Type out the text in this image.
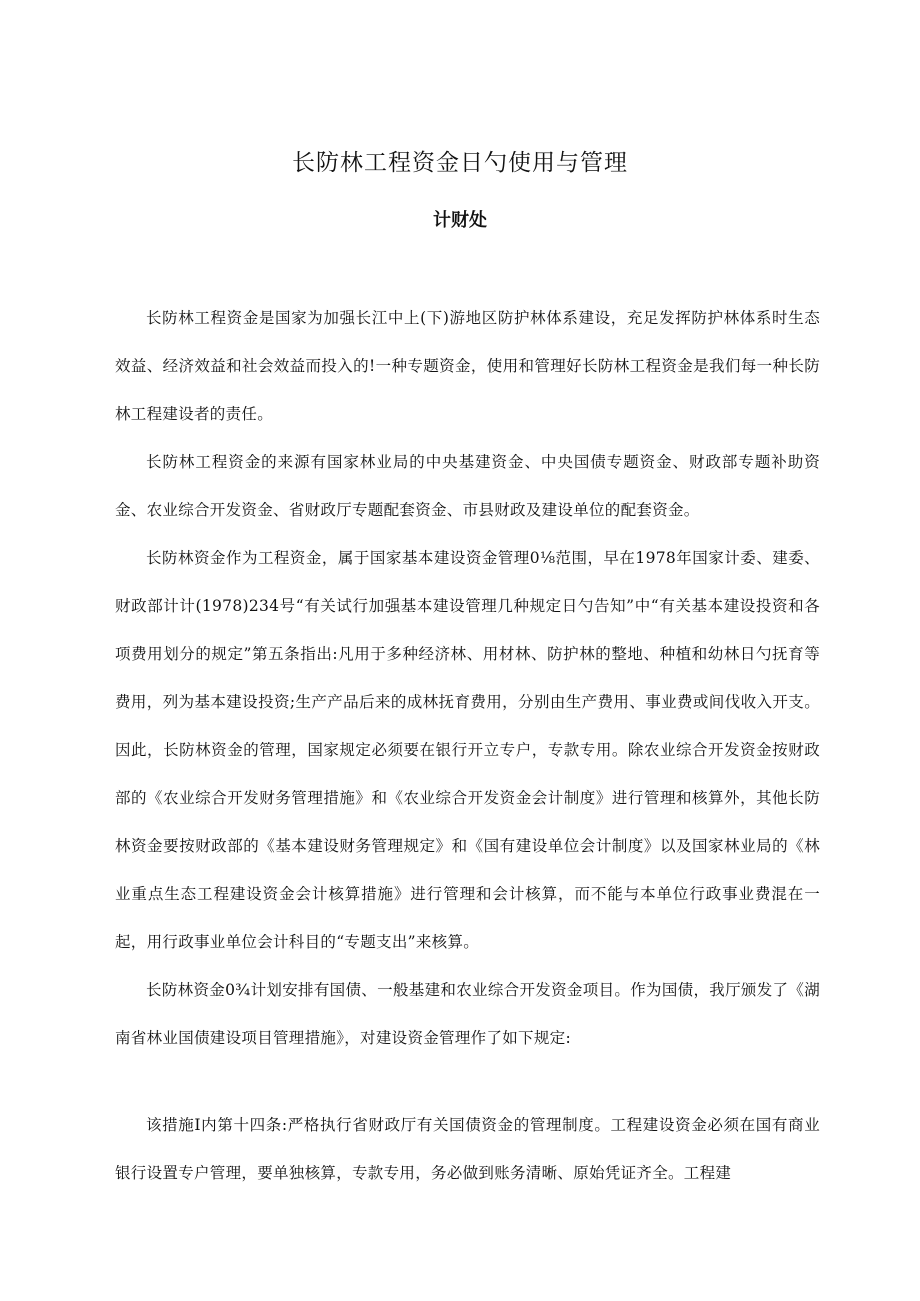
长防林工程资金日勺使用与管理
计财处

长防林工程资金是国家为加强长江中上(下)游地区防护林体系建设，充足发挥防护林体系时生态效益、经济效益和社会效益而投入的!一种专题资金，使用和管理好长防林工程资金是我们每一种长防林工程建设者的责任。

长防林工程资金的来源有国家林业局的中央基建资金、中央国债专题资金、财政部专题补助资金、农业综合开发资金、省财政厅专题配套资金、市县财政及建设单位的配套资金。

长防林资金作为工程资金，属于国家基本建设资金管理0⅛范围，早在1978年国家计委、建委、财政部计计(1978)234号“有关试行加强基本建设管理几种规定日勺告知”中“有关基本建设投资和各项费用划分的规定”第五条指出:凡用于多种经济林、用材林、防护林的整地、种植和幼林日勺抚育等费用，列为基本建设投资;生产产品后来的成林抚育费用，分别由生产费用、事业费或间伐收入开支。因此，长防林资金的管理，国家规定必须要在银行开立专户，专款专用。除农业综合开发资金按财政部的《农业综合开发财务管理措施》和《农业综合开发资金会计制度》进行管理和核算外，其他长防林资金要按财政部的《基本建设财务管理规定》和《国有建设单位会计制度》以及国家林业局的《林业重点生态工程建设资金会计核算措施》进行管理和会计核算，而不能与本单位行政事业费混在一起，用行政事业单位会计科目的“专题支出”来核算。

长防林资金0¾计划安排有国债、一般基建和农业综合开发资金项目。作为国债，我厅颁发了《湖南省林业国债建设项目管理措施》，对建设资金管理作了如下规定:

该措施I内第十四条:严格执行省财政厅有关国债资金的管理制度。工程建设资金必须在国有商业银行设置专户管理，要单独核算，专款专用，务必做到账务清晰、原始凭证齐全。工程建
